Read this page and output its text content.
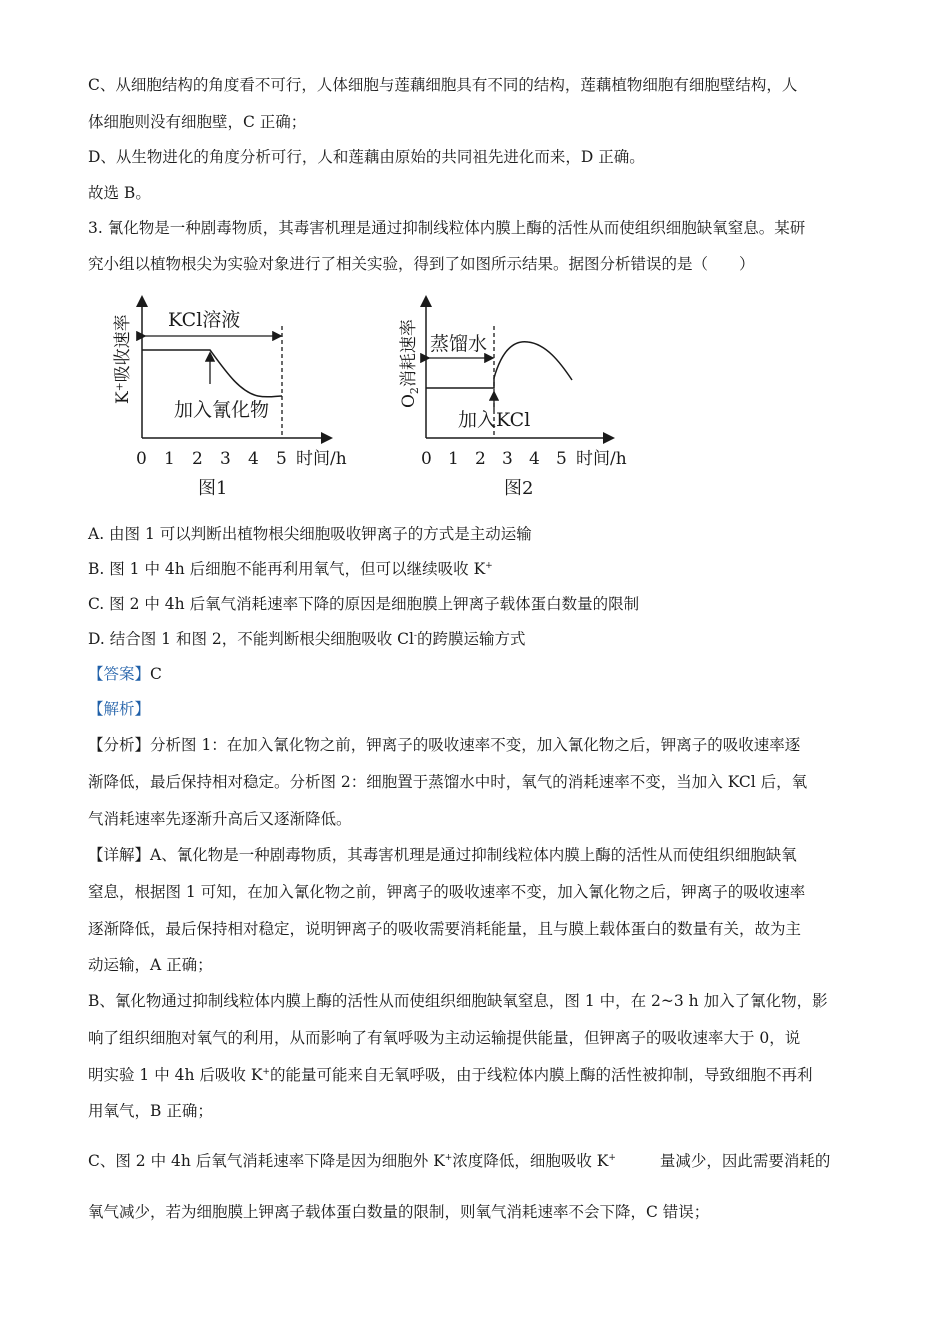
C、从细胞结构的角度看不可行，人体细胞与莲藕细胞具有不同的结构，莲藕植物细胞有细胞壁结构，人
体细胞则没有细胞壁，C 正确；
D、从生物进化的角度分析可行，人和莲藕由原始的共同祖先进化而来，D 正确。
故选 B。
3. 氰化物是一种剧毒物质，其毒害机理是通过抑制线粒体内膜上酶的活性从而使组织细胞缺氧窒息。某研
究小组以植物根尖为实验对象进行了相关实验，得到了如图所示结果。据图分析错误的是（　　）
K⁺吸收速率 KCl溶液
加入氰化物
0 1 2 3 4 5 时间/h
图1
$O_2$消耗速率 蒸馏水
加入KCl
0 1 2 3 4 5 时间/h
图2
A. 由图 1 可以判断出植物根尖细胞吸收钾离子的方式是主动运输
B. 图 1 中 4h 后细胞不能再利用氧气，但可以继续吸收 K+
C. 图 2 中 4h 后氧气消耗速率下降的原因是细胞膜上钾离子载体蛋白数量的限制
D. 结合图 1 和图 2，不能判断根尖细胞吸收 Cl-的跨膜运输方式
【答案】C
【解析】
【分析】分析图 1：在加入氰化物之前，钾离子的吸收速率不变，加入氰化物之后，钾离子的吸收速率逐
渐降低，最后保持相对稳定。分析图 2：细胞置于蒸馏水中时，氧气的消耗速率不变，当加入 KCl 后，氧
气消耗速率先逐渐升高后又逐渐降低。
【详解】A、氰化物是一种剧毒物质，其毒害机理是通过抑制线粒体内膜上酶的活性从而使组织细胞缺氧
窒息，根据图 1 可知，在加入氰化物之前，钾离子的吸收速率不变，加入氰化物之后，钾离子的吸收速率
逐渐降低，最后保持相对稳定，说明钾离子的吸收需要消耗能量，且与膜上载体蛋白的数量有关，故为主
动运输，A 正确；
B、氰化物通过抑制线粒体内膜上酶的活性从而使组织细胞缺氧窒息，图 1 中，在 2~3 h 加入了氰化物，影
响了组织细胞对氧气的利用，从而影响了有氧呼吸为主动运输提供能量，但钾离子的吸收速率大于 0，说
明实验 1 中 4h 后吸收 K+的能量可能来自无氧呼吸，由于线粒体内膜上酶的活性被抑制，导致细胞不再利
用氧气，B 正确；
C、图 2 中 4h 后氧气消耗速率下降是因为细胞外 K+浓度降低，细胞吸收 K+	量减少，因此需要消耗的
氧气减少，若为细胞膜上钾离子载体蛋白数量的限制，则氧气消耗速率不会下降，C 错误；
